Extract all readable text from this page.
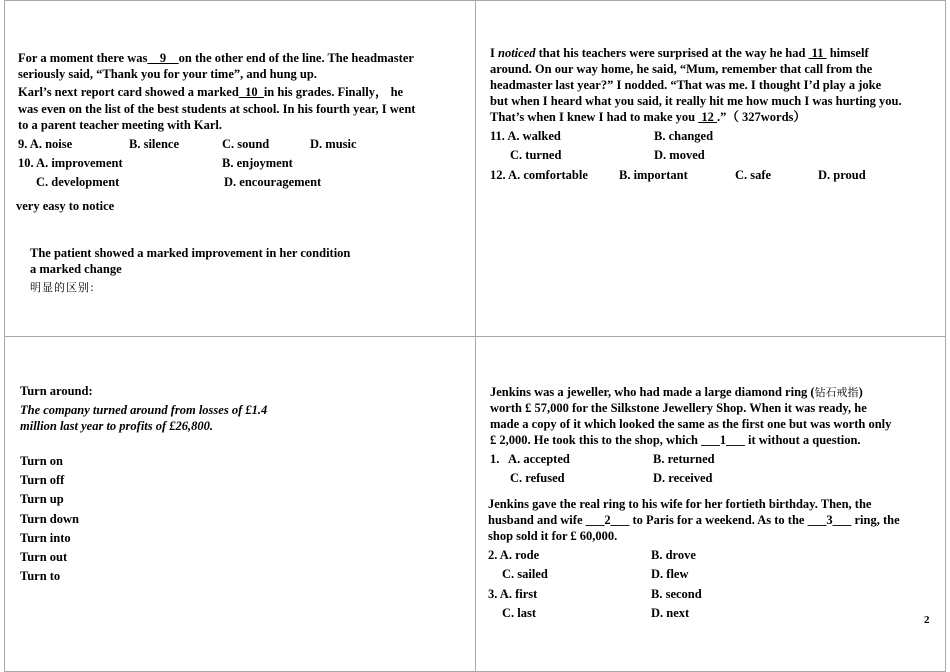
For a moment there was    9    on the other end of the line. The headmaster
seriously said, “Thank you for your time”, and hung up.
Karl’s next report card showed a marked  10  in his grades. Finally， he
was even on the list of the best students at school. In his fourth year, I went
to a parent teacher meeting with Karl.
9. A. noise	B. silence	C. sound	D. music
10. A. improvement	B. enjoyment
C. development	D. encouragement
very easy to notice
The patient showed a marked improvement in her condition
a marked change
明显的区别:
I noticed that his teachers were surprised at the way he had  11  himself
around. On our way home, he said, “Mum, remember that call from the
headmaster last year?” I nodded. “That was me. I thought I’d play a joke
but when I heard what you said, it really hit me how much I was hurting you.
That’s when I knew I had to make you  12 .”（ 327words）
11. A. walked	B. changed
C. turned	D. moved
12. A. comfortable B. important	C. safe	D. proud
Turn around:
The company turned around from losses of £1.4
million last year to profits of £26,800.
Turn on
Turn off
Turn up
Turn down
Turn into
Turn out
Turn to
Jenkins was a jeweller, who had made a large diamond ring (钻石戒指)
worth £ 57,000 for the Silkstone Jewellery Shop. When it was ready, he
made a copy of it which looked the same as the first one but was worth only
£ 2,000. He took this to the shop, which ___1___ it without a question.
1.   A. accepted	B. returned
C. refused	D. received
Jenkins gave the real ring to his wife for her fortieth birthday. Then, the
husband and wife ___2___ to Paris for a weekend. As to the ___3___ ring, the
shop sold it for £ 60,000.
2. A. rode	B. drove
C. sailed	D. flew
3. A. first	B. second
C. last	D. next	2
